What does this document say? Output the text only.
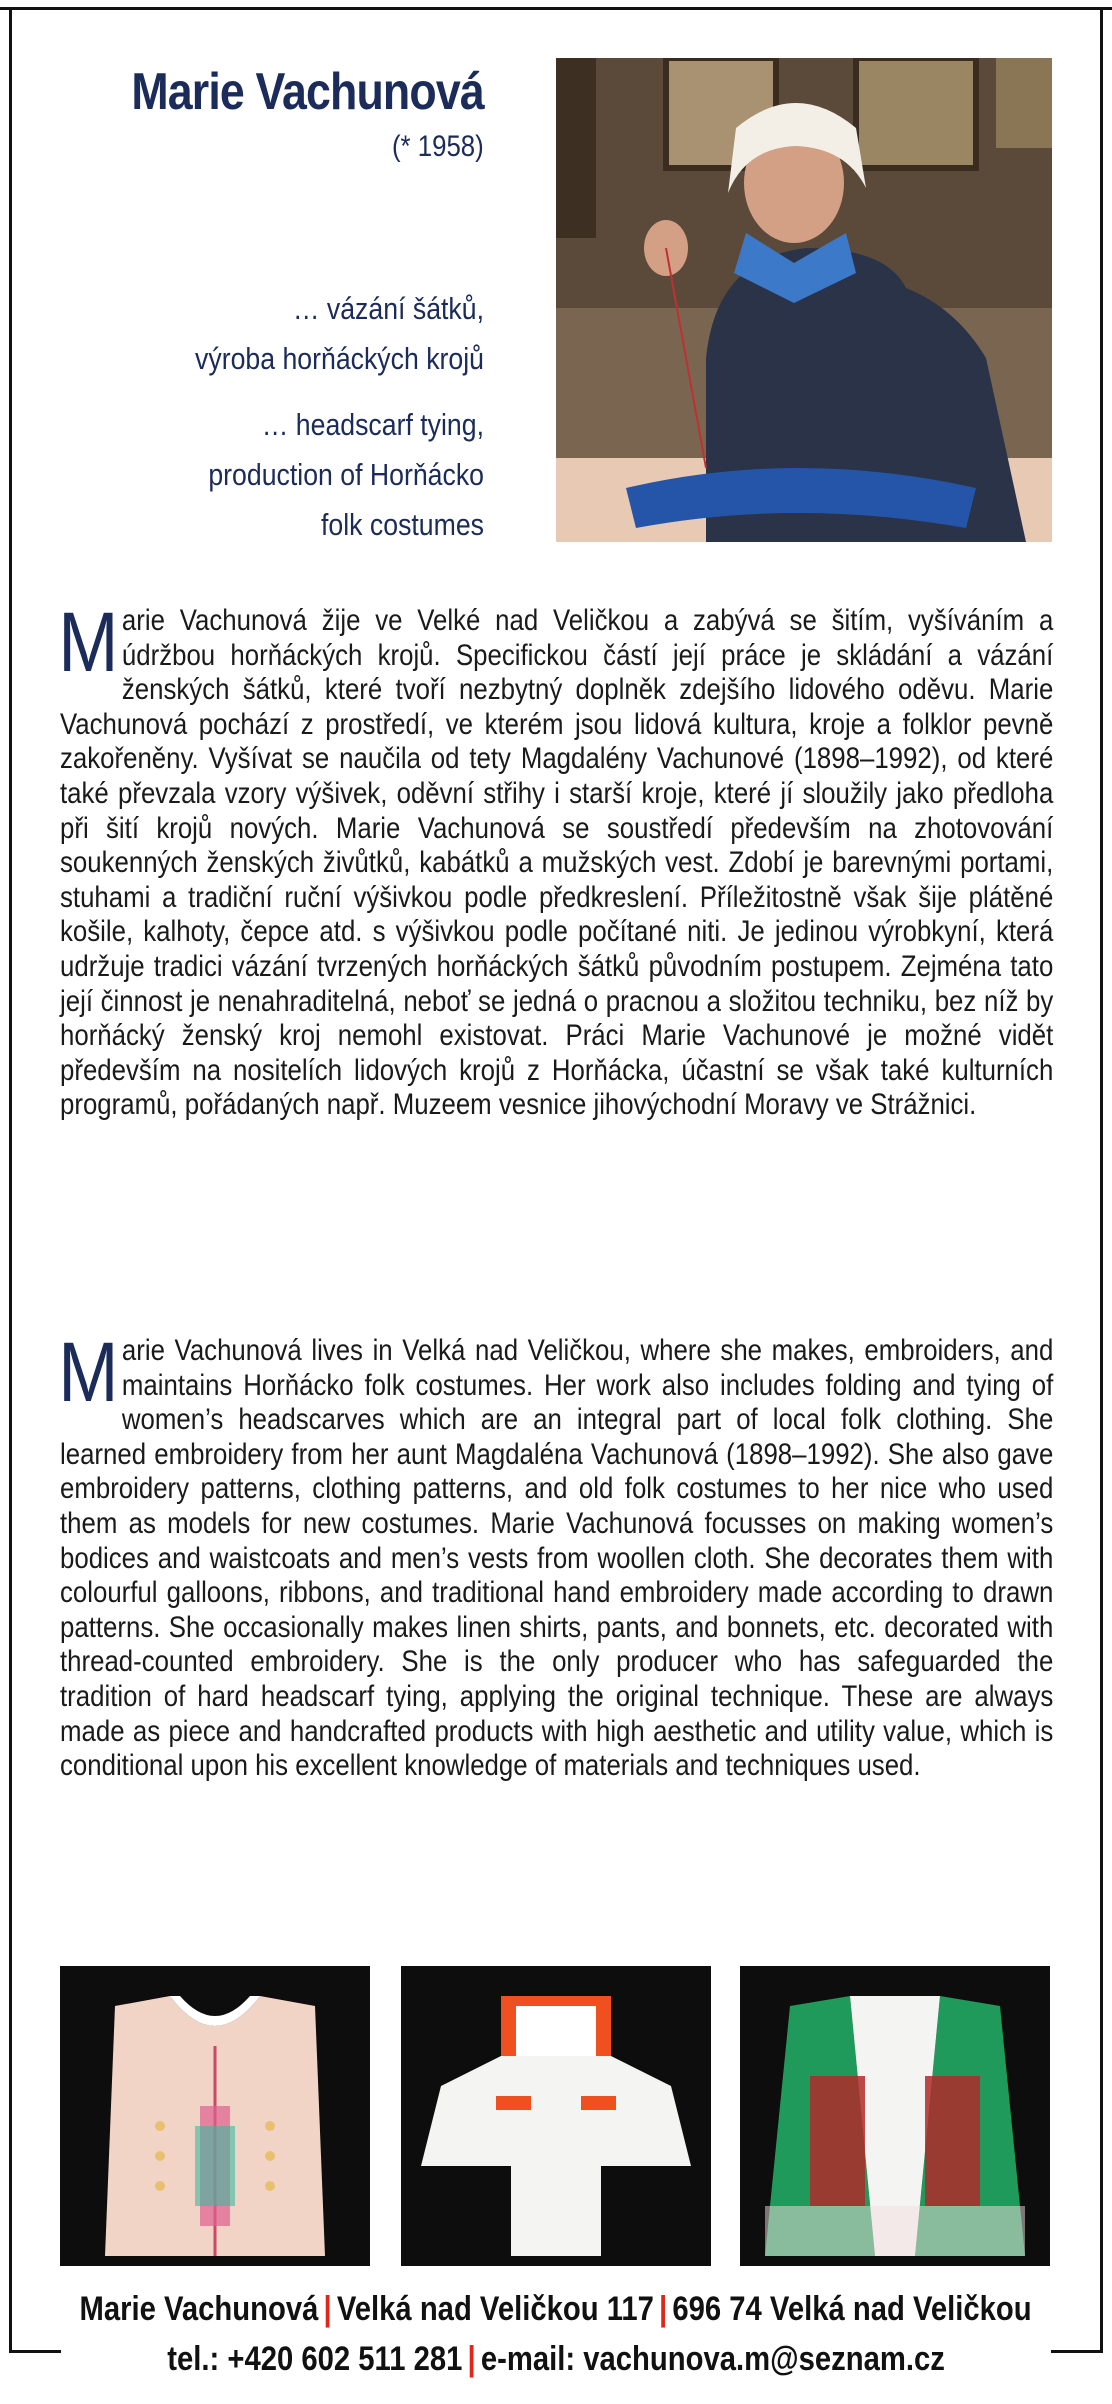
Marie Vachunová
(* 1958)
… vázání šátků,
výroba horňáckých krojů
… headscarf tying,
production of Horňácko
folk costumes
Marie Vachunová žije ve Velké nad Veličkou a zabývá se šitím, vyšíváním a údržbou horňáckých krojů. Specifickou částí její práce je skládání a vázání ženských šátků, které tvoří nezbytný doplněk zdejšího lidového oděvu. Marie Vachunová pochází z prostředí, ve kterém jsou lidová kultura, kroje a folklor pevně zakořeněny. Vyšívat se naučila od tety Magdalény Vachunové (1898–1992), od které také převzala vzory výšivek, oděvní střihy i starší kroje, které jí sloužily jako předloha při šití krojů nových. Marie Vachunová se soustředí především na zhotovování soukenných ženských živůtků, kabátků a mužských vest. Zdobí je barevnými portami, stuhami a tradiční ruční výšivkou podle předkreslení. Příležitostně však šije plátěné košile, kalhoty, čepce atd. s výšivkou podle počítané niti. Je jedinou výrobkyní, která udržuje tradici vázání tvrzených horňáckých šátků původním postupem. Zejména tato její činnost je nenahraditelná, neboť se jedná o pracnou a složitou techniku, bez níž by horňácký ženský kroj nemohl existovat. Práci Marie Vachunové je možné vidět především na nositelích lidových krojů z Horňácka, účastní se však také kulturních programů, pořádaných např. Muzeem vesnice jihovýchodní Moravy ve Strážnici.
Marie Vachunová lives in Velká nad Veličkou, where she makes, embroiders, and maintains Horňácko folk costumes. Her work also includes folding and tying of women’s headscarves which are an integral part of local folk clothing. She learned embroidery from her aunt Magdaléna Vachunová (1898–1992). She also gave embroidery patterns, clothing patterns, and old folk costumes to her nice who used them as models for new costumes. Marie Vachunová focusses on making women’s bodices and waistcoats and men’s vests from woollen cloth. She decorates them with colourful galloons, ribbons, and traditional hand embroidery made according to drawn patterns. She occasionally makes linen shirts, pants, and bonnets, etc. decorated with thread-counted embroidery. She is the only producer who has safeguarded the tradition of hard headscarf tying, applying the original technique. These are always made as piece and handcrafted products with high aesthetic and utility value, which is conditional upon his excellent knowledge of materials and techniques used.
Marie Vachunová | Velká nad Veličkou 117 | 696 74 Velká nad Veličkou
tel.: +420 602 511 281 | e-mail: vachunova.m@seznam.cz
